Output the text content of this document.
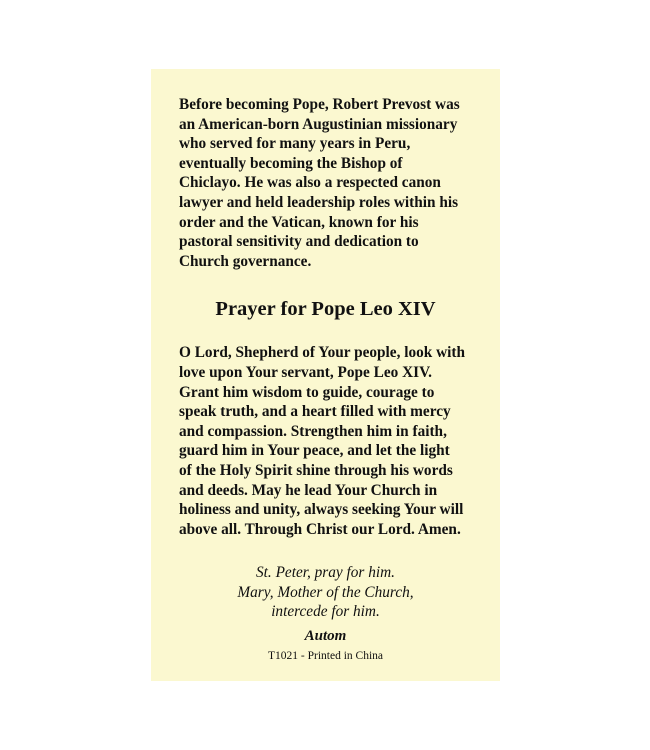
Before becoming Pope, Robert Prevost was
an American-born Augustinian missionary
who served for many years in Peru,
eventually becoming the Bishop of
Chiclayo. He was also a respected canon
lawyer and held leadership roles within his
order and the Vatican, known for his
pastoral sensitivity and dedication to
Church governance.

Prayer for Pope Leo XIV

O Lord, Shepherd of Your people, look with
love upon Your servant, Pope Leo XIV.
Grant him wisdom to guide, courage to
speak truth, and a heart filled with mercy
and compassion. Strengthen him in faith,
guard him in Your peace, and let the light
of the Holy Spirit shine through his words
and deeds. May he lead Your Church in
holiness and unity, always seeking Your will
above all. Through Christ our Lord. Amen.

St. Peter, pray for him.
Mary, Mother of the Church,
intercede for him.

Autom
T1021 - Printed in China
